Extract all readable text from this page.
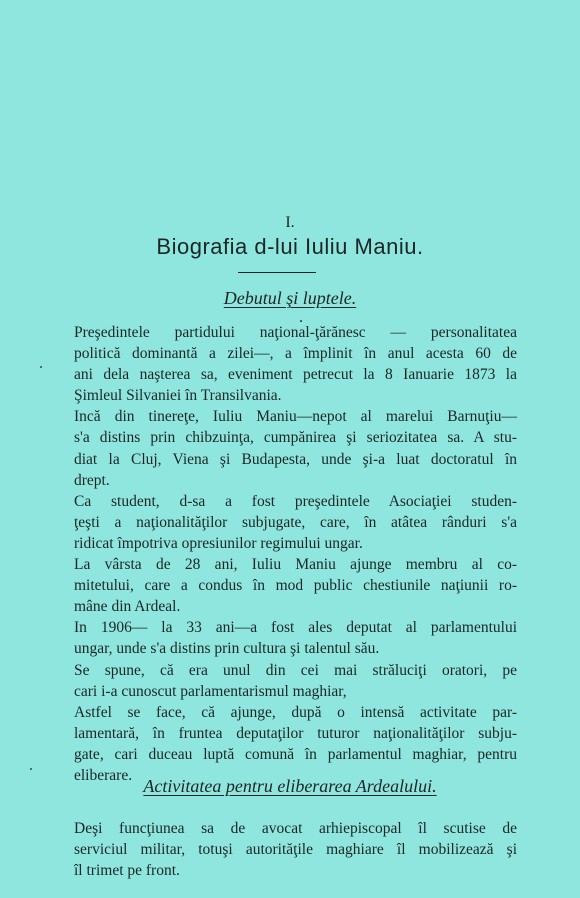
I.
Biografia d-lui Iuliu Maniu.
Debutul şi luptele.

Preşedintele partidului naţional-ţărănesc — personalitatea
politică dominantă a zilei—, a împlinit în anul acesta 60 de
ani dela naşterea sa, eveniment petrecut la 8 Ianuarie 1873 la
Şimleul Silvaniei în Transilvania.

Incă din tinereţe, Iuliu Maniu—nepot al marelui Barnuţiu—
s'a distins prin chibzuinţa, cumpănirea şi seriozitatea sa. A stu-
diat la Cluj, Viena şi Budapesta, unde şi-a luat doctoratul în
drept.

Ca student, d-sa a fost preşedintele Asociaţiei studen-
ţeşti a naţionalităţilor subjugate, care, în atâtea rânduri s'a
ridicat împotriva opresiunilor regimului ungar.

La vârsta de 28 ani, Iuliu Maniu ajunge membru al co-
mitetului, care a condus în mod public chestiunile naţiunii ro-
mâne din Ardeal.

In 1906— la 33 ani—a fost ales deputat al parlamentului
ungar, unde s'a distins prin cultura şi talentul său.

Se spune, că era unul din cei mai străluciţi oratori, pe
cari i-a cunoscut parlamentarismul maghiar,

Astfel se face, că ajunge, după o intensă activitate par-
lamentară, în fruntea deputaţilor tuturor naţionalităţilor subju-
gate, cari duceau luptă comună în parlamentul maghiar, pentru
eliberare.

Activitatea pentru eliberarea Ardealului.

Deşi funcţiunea sa de avocat arhiepiscopal îl scutise de
serviciul militar, totuşi autorităţile maghiare îl mobilizează şi
îl trimet pe front.
